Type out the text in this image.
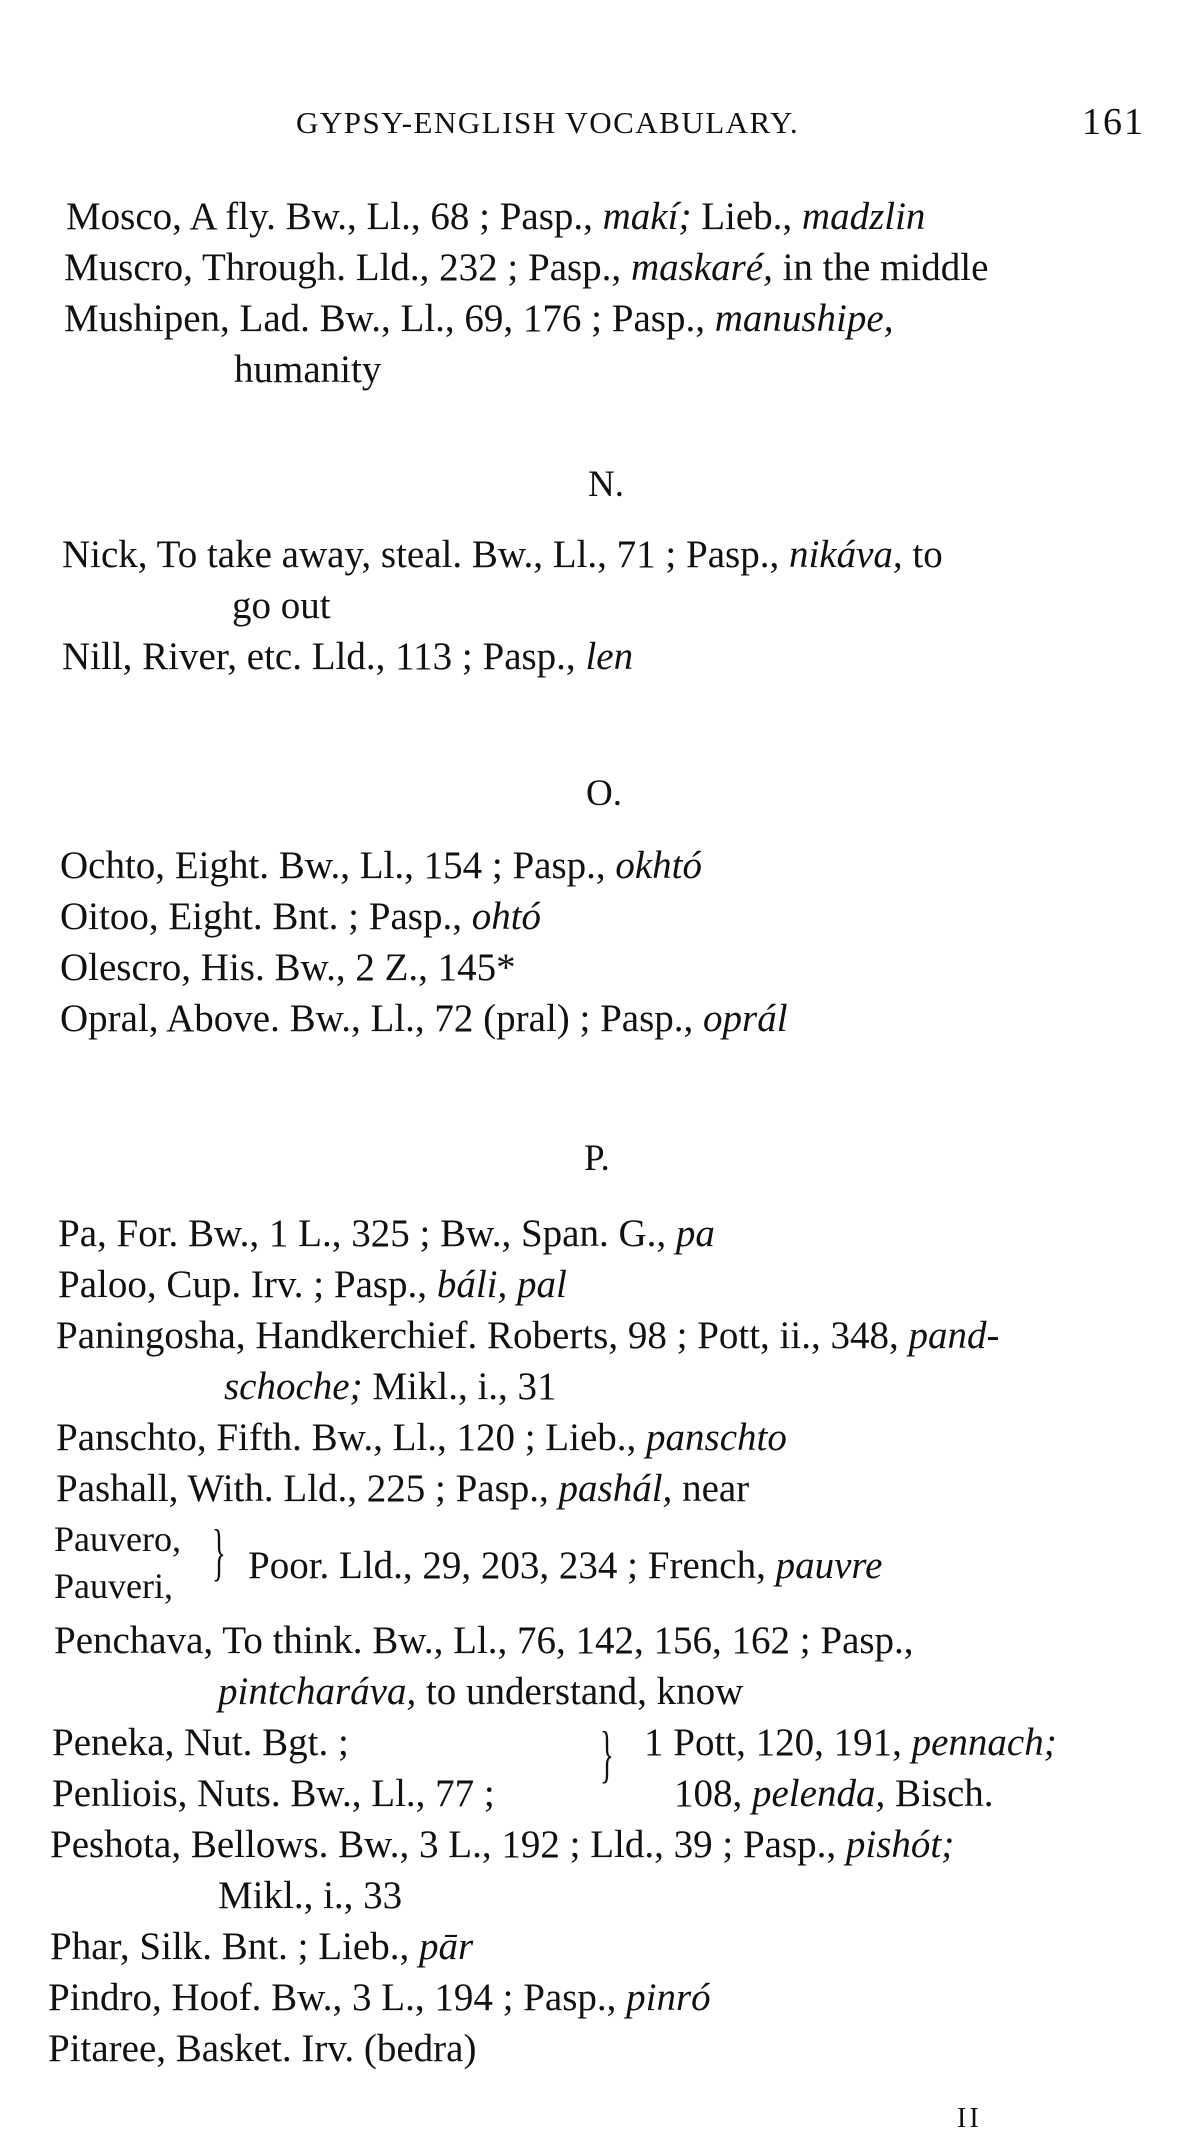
GYPSY-ENGLISH VOCABULARY.	161
Mosco, A fly. Bw., Ll., 68 ; Pasp., makí; Lieb., madzlin
Muscro, Through. Lld., 232 ; Pasp., maskaré, in the middle
Mushipen, Lad. Bw., Ll., 69, 176 ; Pasp., manushipe,
humanity
N.
Nick, To take away, steal. Bw., Ll., 71 ; Pasp., nikáva, to
go out
Nill, River, etc. Lld., 113 ; Pasp., len
O.
Ochto, Eight. Bw., Ll., 154 ; Pasp., okhtó
Oitoo, Eight. Bnt. ; Pasp., ohtó
Olescro, His. Bw., 2 Z., 145*
Opral, Above. Bw., Ll., 72 (pral) ; Pasp., oprál
P.
Pa, For. Bw., 1 L., 325 ; Bw., Span. G., pa
Paloo, Cup. Irv. ; Pasp., báli, pal
Paningosha, Handkerchief. Roberts, 98 ; Pott, ii., 348, pand-
schoche; Mikl., i., 31
Panschto, Fifth. Bw., Ll., 120 ; Lieb., panschto
Pashall, With. Lld., 225 ; Pasp., pashál, near
Pauvero,
Pauveri, } Poor. Lld., 29, 203, 234 ; French, pauvre
Penchava, To think. Bw., Ll., 76, 142, 156, 162 ; Pasp.,
pintcharáva, to understand, know
Peneka, Nut. Bgt. ;
Penliois, Nuts. Bw., Ll., 77 ;
} 1 Pott, 120, 191, pennach;
108, pelenda, Bisch.
Peshota, Bellows. Bw., 3 L., 192 ; Lld., 39 ; Pasp., pishót;
Mikl., i., 33
Phar, Silk. Bnt. ; Lieb., pār
Pindro, Hoof. Bw., 3 L., 194 ; Pasp., pinró
Pitaree, Basket. Irv. (bedra)
II
